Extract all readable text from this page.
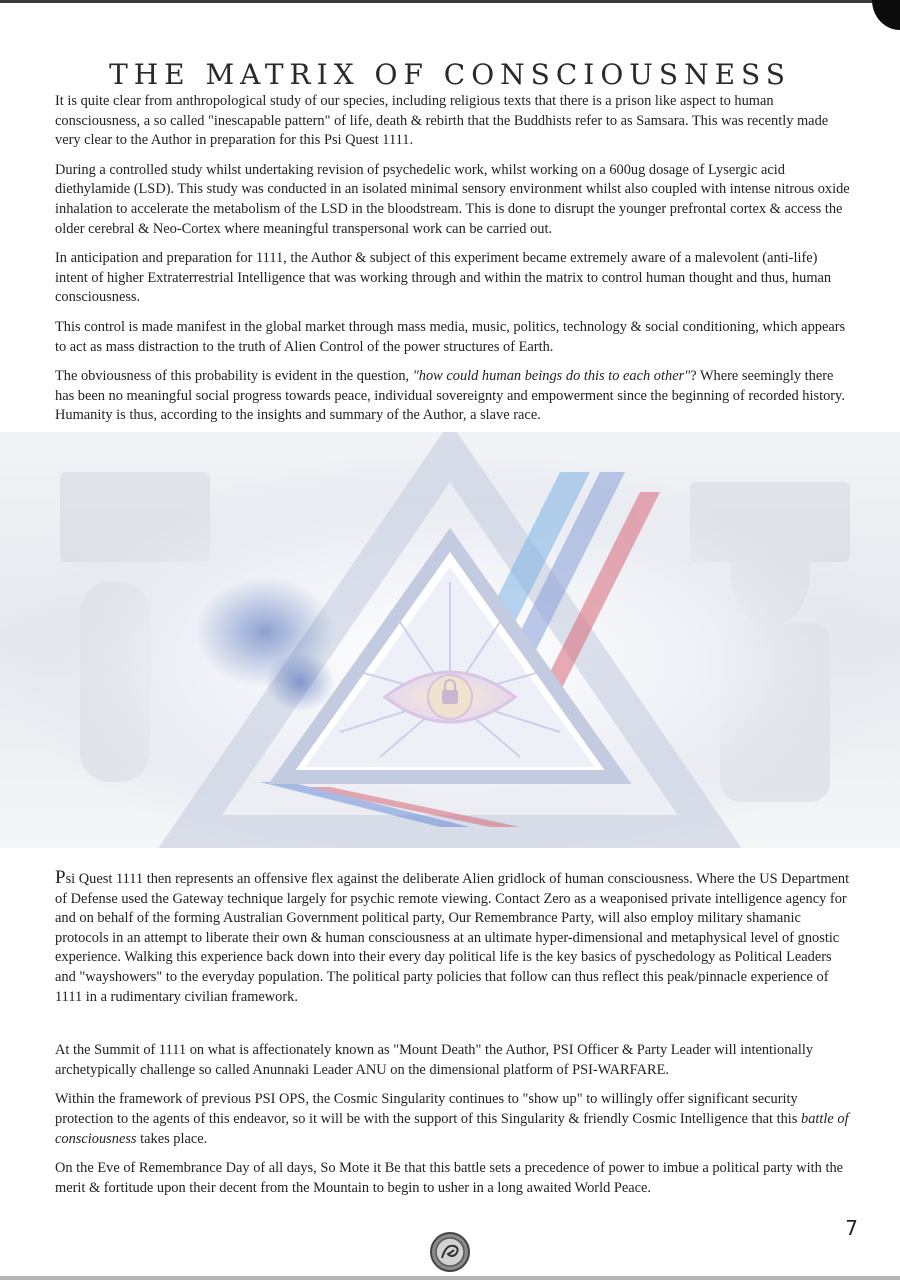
THE MATRIX OF CONSCIOUSNESS

It is quite clear from anthropological study of our species, including religious texts that there is a prison like aspect to human consciousness, a so called "inescapable pattern" of life, death & rebirth that the Buddhists refer to as Samsara. This was recently made very clear to the Author in preparation for this Psi Quest 1111.

During a controlled study whilst undertaking revision of psychedelic work, whilst working on a 600ug dosage of Lysergic acid diethylamide (LSD). This study was conducted in an isolated minimal sensory environment whilst also coupled with intense nitrous oxide inhalation to accelerate the metabolism of the LSD in the bloodstream. This is done to disrupt the younger prefrontal cortex & access the older cerebral & Neo-Cortex where meaningful transpersonal work can be carried out.

In anticipation and preparation for 1111, the Author & subject of this experiment became extremely aware of a malevolent (anti-life) intent of higher Extraterrestrial Intelligence that was working through and within the matrix to control human thought and thus, human consciousness.

This control is made manifest in the global market through mass media, music, politics, technology & social conditioning, which appears to act as mass distraction to the truth of Alien Control of the power structures of Earth.

The obviousness of this probability is evident in the question, "how could human beings do this to each other"? Where seemingly there has been no meaningful social progress towards peace, individual sovereignty and empowerment since the beginning of recorded history. Humanity is thus, according to the insights and summary of the Author, a slave race.

Psi Quest 1111 then represents an offensive flex against the deliberate Alien gridlock of human consciousness. Where the US Department of Defense used the Gateway technique largely for psychic remote viewing. Contact Zero as a weaponised private intelligence agency for and on behalf of the forming Australian Government political party, Our Remembrance Party, will also employ military shamanic protocols in an attempt to liberate their own & human consciousness at an ultimate hyper-dimensional and metaphysical level of gnostic experience. Walking this experience back down into their every day political life is the key basics of pyschedology as Political Leaders and "wayshowers" to the everyday population. The political party policies that follow can thus reflect this peak/pinnacle experience of 1111 in a rudimentary civilian framework.

At the Summit of 1111 on what is affectionately known as "Mount Death" the Author, PSI Officer & Party Leader will intentionally archetypically challenge so called Anunnaki Leader ANU on the dimensional platform of PSI-WARFARE.

Within the framework of previous PSI OPS, the Cosmic Singularity continues to "show up" to willingly offer significant security protection to the agents of this endeavor, so it will be with the support of this Singularity & friendly Cosmic Intelligence that this battle of consciousness takes place.

On the Eve of Remembrance Day of all days, So Mote it Be that this battle sets a precedence of power to imbue a political party with the merit & fortitude upon their decent from the Mountain to begin to usher in a long awaited World Peace.

7
